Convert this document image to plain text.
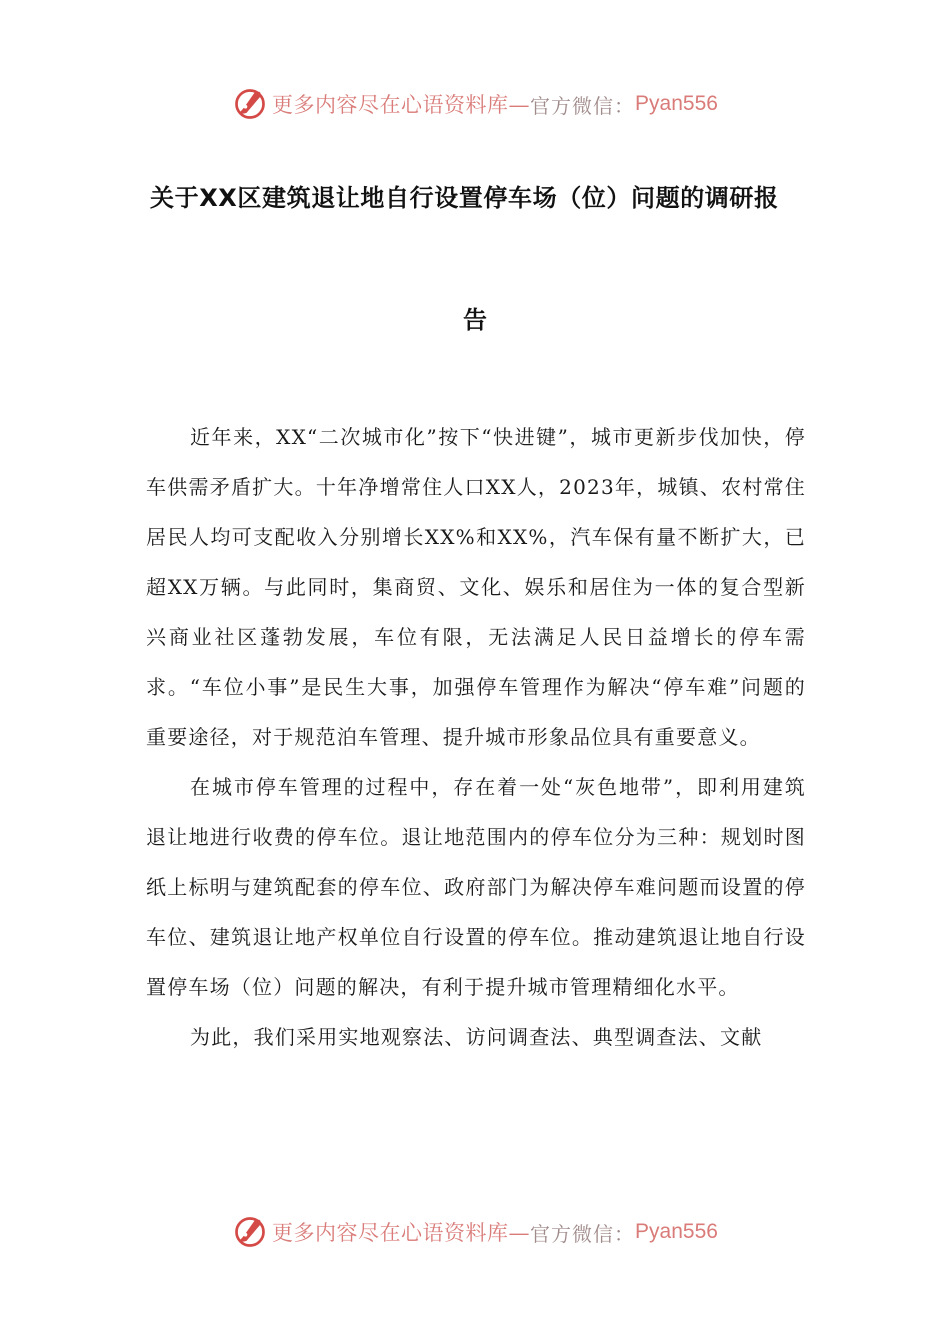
更多内容尽在心语资料库— 官方微信： Pyan556
关于XX区建筑退让地自行设置停车场（位）问题的调研报
告

近年来，XX“二次城市化”按下“快进键”，城市更新步伐加快，停车供需矛盾扩大。十年净增常住人口XX人，2023年，城镇、农村常住居民人均可支配收入分别增长XX%和XX%，汽车保有量不断扩大，已超XX万辆。与此同时，集商贸、文化、娱乐和居住为一体的复合型新兴商业社区蓬勃发展，车位有限，无法满足人民日益增长的停车需求。“车位小事”是民生大事，加强停车管理作为解决“停车难”问题的重要途径，对于规范泊车管理、提升城市形象品位具有重要意义。

在城市停车管理的过程中，存在着一处“灰色地带”，即利用建筑退让地进行收费的停车位。退让地范围内的停车位分为三种：规划时图纸上标明与建筑配套的停车位、政府部门为解决停车难问题而设置的停车位、建筑退让地产权单位自行设置的停车位。推动建筑退让地自行设置停车场（位）问题的解决，有利于提升城市管理精细化水平。

为此，我们采用实地观察法、访问调查法、典型调查法、文献

更多内容尽在心语资料库— 官方微信： Pyan556
